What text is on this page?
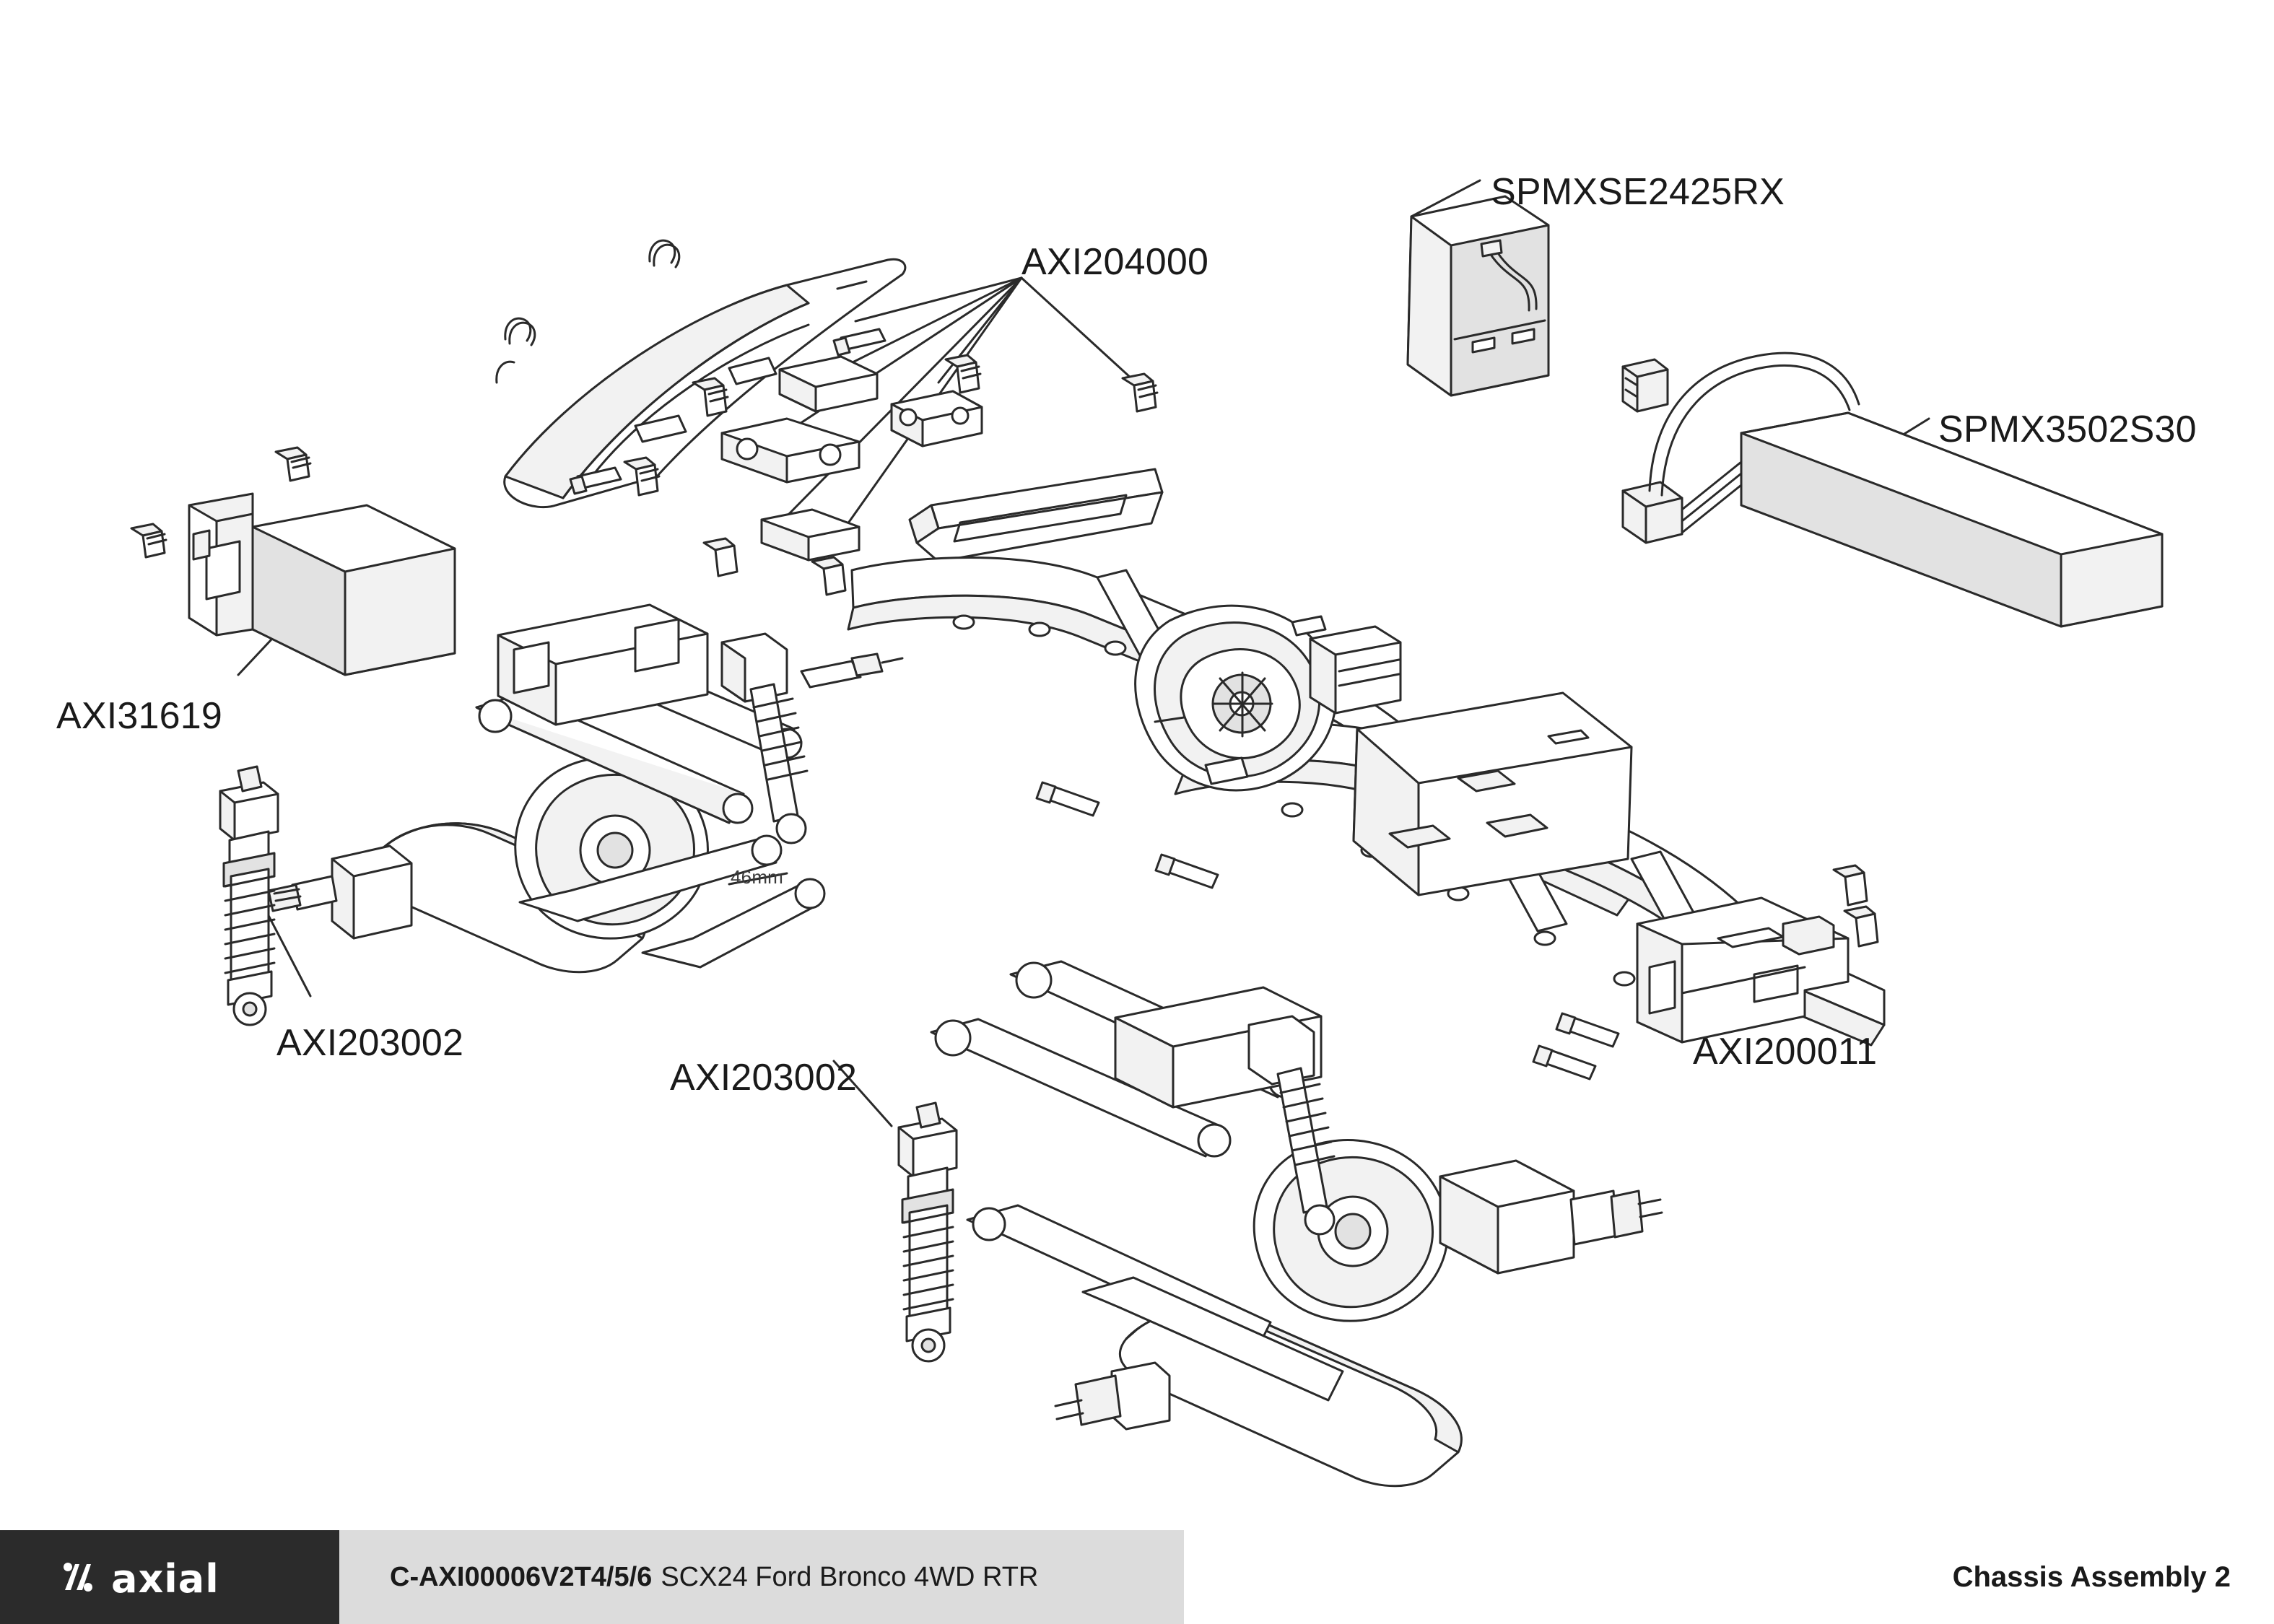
AXI204000
SPMXSE2425RX
SPMX3502S30
AXI31619
AXI203002
AXI203002
AXI200011
46mm
axial	C-AXI00006V2T4/5/6 SCX24 Ford Bronco 4WD RTR	Chassis Assembly 2
